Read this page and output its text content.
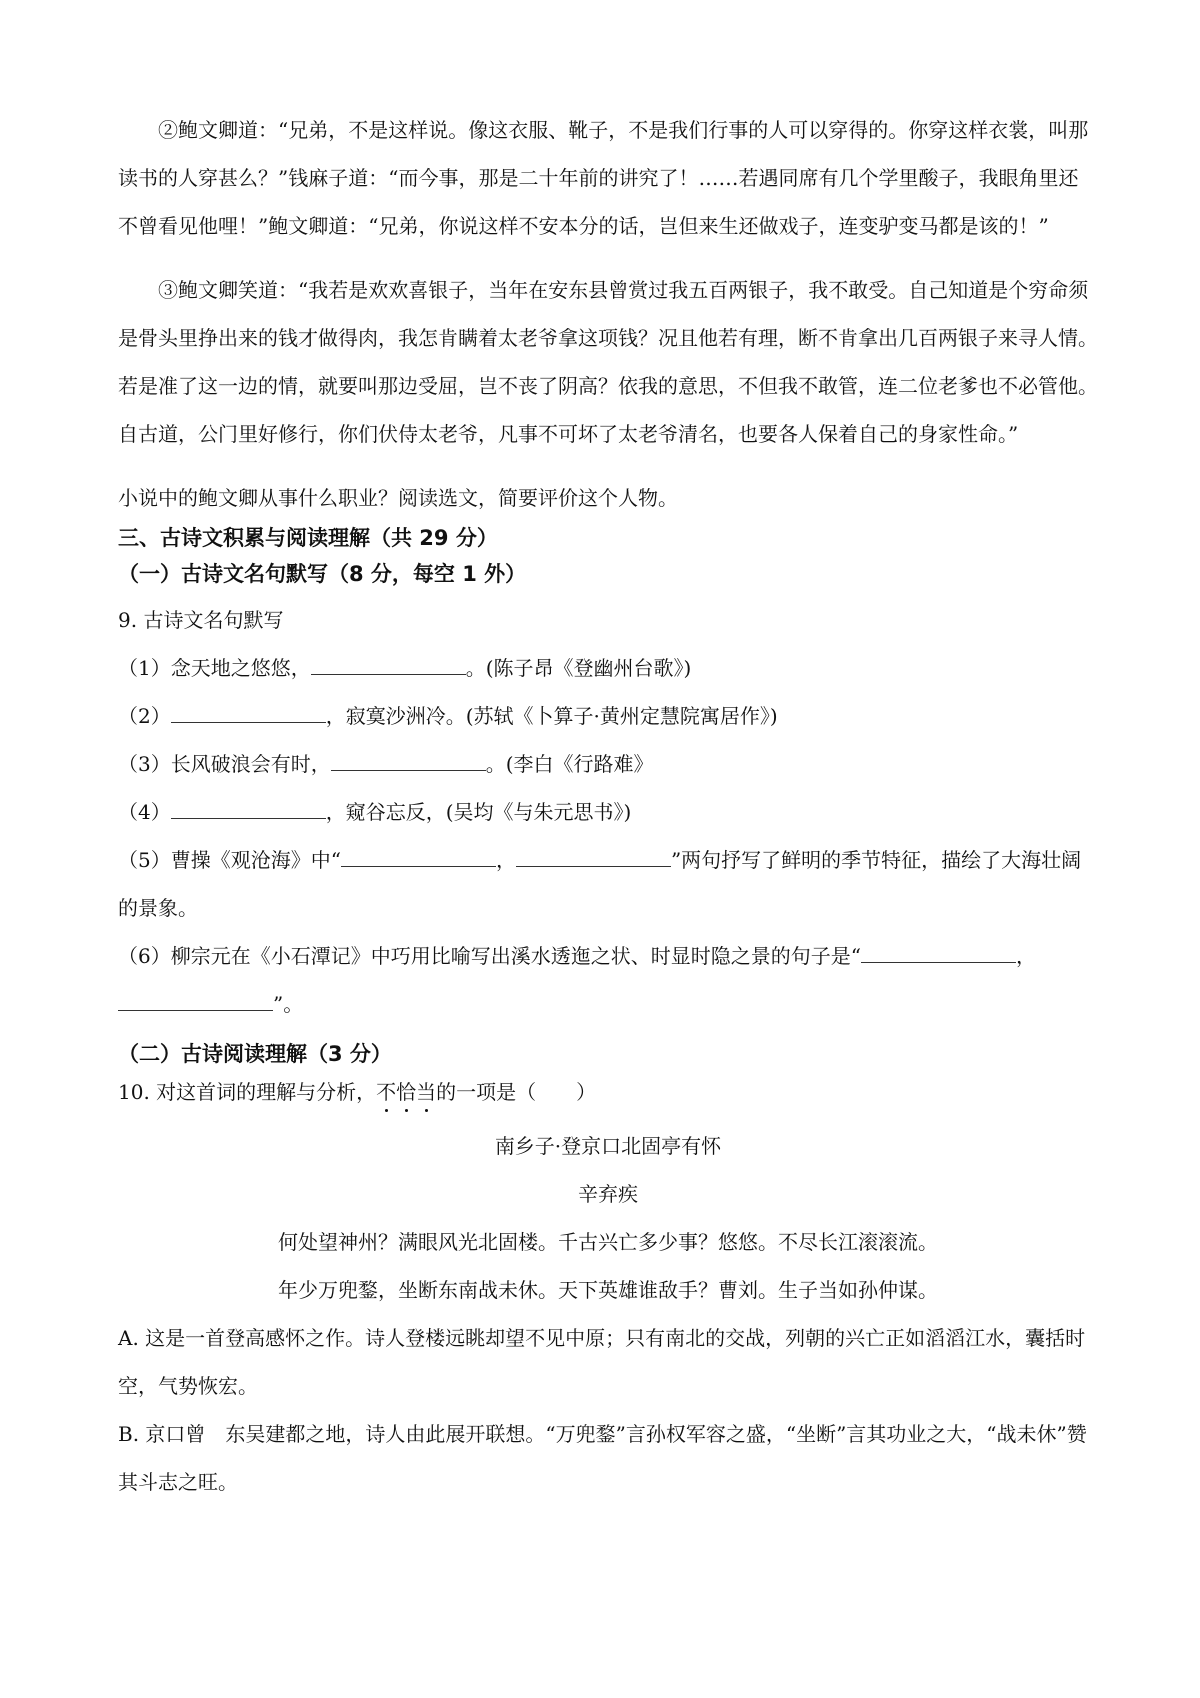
②鲍文卿道：“兄弟，不是这样说。像这衣服、靴子，不是我们行事的人可以穿得的。你穿这样衣裳，叫那读书的人穿甚么？”钱麻子道：“而今事，那是二十年前的讲究了！……若遇同席有几个学里酸子，我眼角里还不曾看见他哩！”鲍文卿道：“兄弟，你说这样不安本分的话，岂但来生还做戏子，连变驴变马都是该的！”

③鲍文卿笑道：“我若是欢欢喜银子，当年在安东县曾赏过我五百两银子，我不敢受。自己知道是个穷命须是骨头里挣出来的钱才做得肉，我怎肯瞒着太老爷拿这项钱？况且他若有理，断不肯拿出几百两银子来寻人情。若是准了这一边的情，就要叫那边受屈，岂不丧了阴高？依我的意思，不但我不敢管，连二位老爹也不必管他。自古道，公门里好修行，你们伏侍太老爷，凡事不可坏了太老爷清名，也要各人保着自己的身家性命。”

小说中的鲍文卿从事什么职业？阅读选文，简要评价这个人物。

三、古诗文积累与阅读理解（共 29 分）

（一）古诗文名句默写（8 分，每空 1 外）

9. 古诗文名句默写

（1）念天地之悠悠，	。(陈子昂《登幽州台歌》)

（2）	，寂寞沙洲冷。(苏轼《卜算子·黄州定慧院寓居作》)

（3）长风破浪会有时，	。(李白《行路难》

（4）	，窥谷忘反，(吴均《与朱元思书》)

（5）曹操《观沧海》中“	，	”两句抒写了鲜明的季节特征，描绘了大海壮阔的景象。

（6）柳宗元在《小石潭记》中巧用比喻写出溪水透迤之状、时显时隐之景的句子是“	，”。

（二）古诗阅读理解（3 分）

10. 对这首词的理解与分析，不恰当的一项是（　　）

南乡子·登京口北固亭有怀

辛弃疾

何处望神州？满眼风光北固楼。千古兴亡多少事？悠悠。不尽长江滚滚流。

年少万兜鍪，坐断东南战未休。天下英雄谁敌手？曹刘。生子当如孙仲谋。

A. 这是一首登高感怀之作。诗人登楼远眺却望不见中原；只有南北的交战，列朝的兴亡正如滔滔江水，囊括时空，气势恢宏。

B. 京口曾　东吴建都之地，诗人由此展开联想。“万兜鍪”言孙权军容之盛，“坐断”言其功业之大，“战未休”赞其斗志之旺。
